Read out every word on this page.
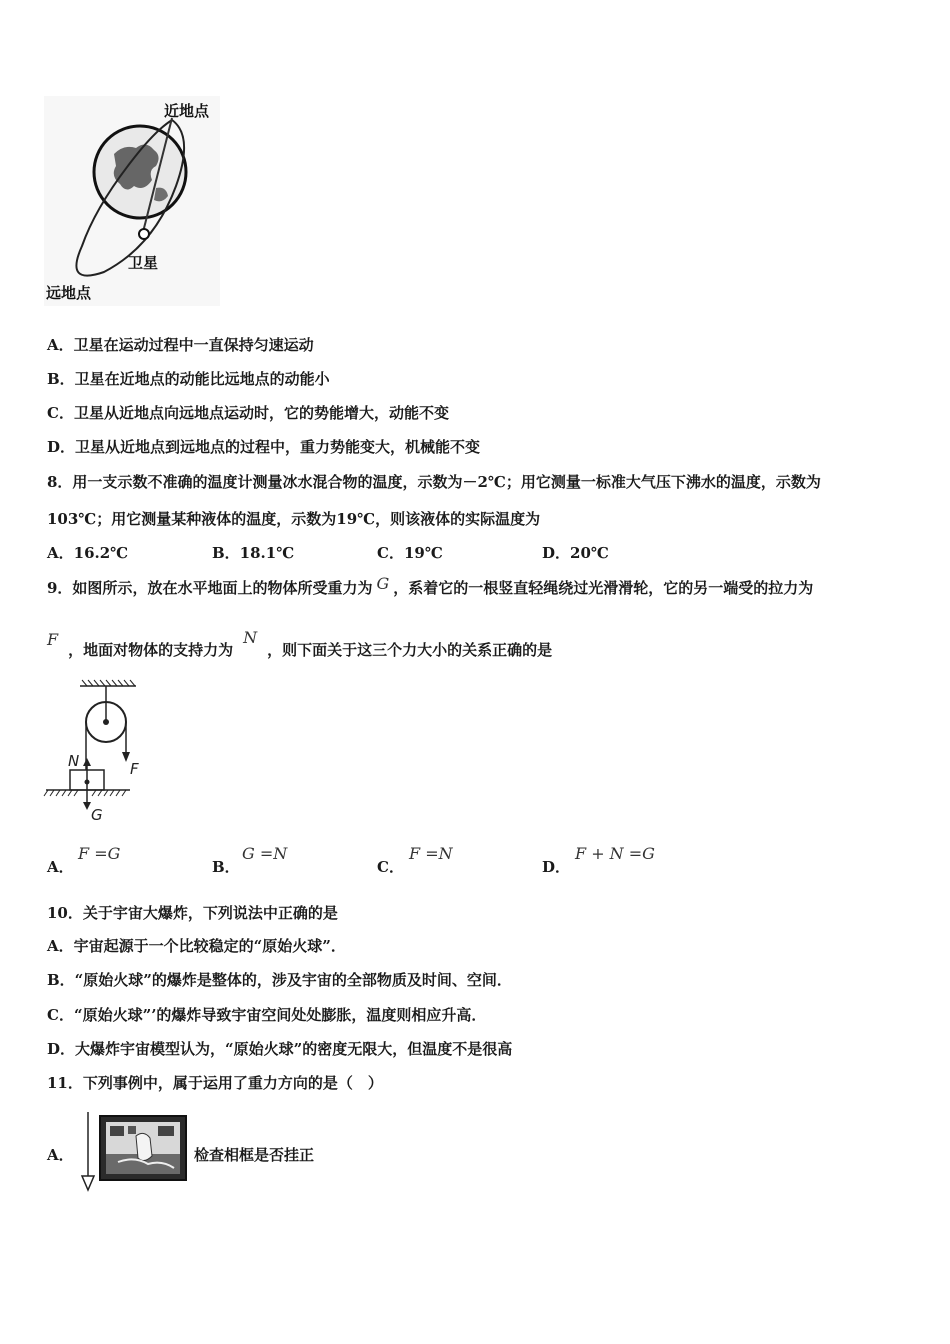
近地点
卫星
远地点
A．卫星在运动过程中一直保持匀速运动
B．卫星在近地点的动能比远地点的动能小
C．卫星从近地点向远地点运动时，它的势能增大，动能不变
D．卫星从近地点到远地点的过程中，重力势能变大，机械能不变
8．用一支示数不准确的温度计测量冰水混合物的温度，示数为－2℃；用它测量一标准大气压下沸水的温度，示数为
103℃；用它测量某种液体的温度，示数为19℃，则该液体的实际温度为
A．16.2℃	B．18.1℃	C．19℃	D．20℃
9．如图所示，放在水平地面上的物体所受重力为 G ，系着它的一根竖直轻绳绕过光滑滑轮，它的另一端受的拉力为
F，地面对物体的支持力为N，则下面关于这三个力大小的关系正确的是
N	F
G
A．
F =G
B．
G =N
C．
F =N
D．
F + N =G
10．关于宇宙大爆炸，下列说法中正确的是
A．宇宙起源于一个比较稳定的“原始火球”．
B．“原始火球”的爆炸是整体的，涉及宇宙的全部物质及时间、空间．
C．“原始火球”’的爆炸导致宇宙空间处处膨胀，温度则相应升高．
D．大爆炸宇宙模型认为，“原始火球”的密度无限大，但温度不是很高
11．下列事例中，属于运用了重力方向的是（　）
A．	检查相框是否挂正
